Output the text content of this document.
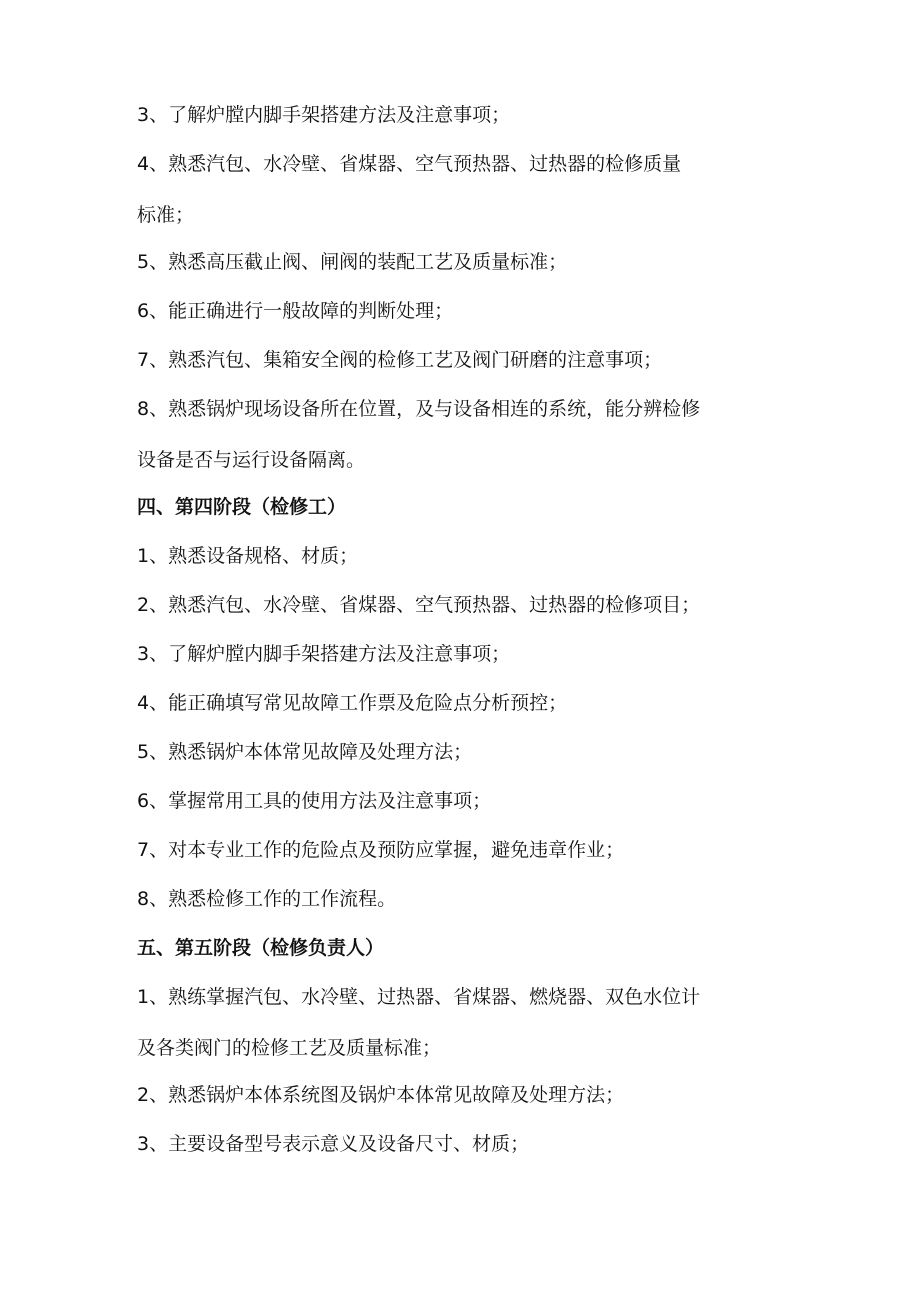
3、了解炉膛内脚手架搭建方法及注意事项；
4、熟悉汽包、水冷壁、省煤器、空气预热器、过热器的检修质量
标准；
5、熟悉高压截止阀、闸阀的装配工艺及质量标准；
6、能正确进行一般故障的判断处理；
7、熟悉汽包、集箱安全阀的检修工艺及阀门研磨的注意事项；
8、熟悉锅炉现场设备所在位置，及与设备相连的系统，能分辨检修
设备是否与运行设备隔离。
四、第四阶段（检修工）
1、熟悉设备规格、材质；
2、熟悉汽包、水冷壁、省煤器、空气预热器、过热器的检修项目；
3、了解炉膛内脚手架搭建方法及注意事项；
4、能正确填写常见故障工作票及危险点分析预控；
5、熟悉锅炉本体常见故障及处理方法；
6、掌握常用工具的使用方法及注意事项；
7、对本专业工作的危险点及预防应掌握，避免违章作业；
8、熟悉检修工作的工作流程。
五、第五阶段（检修负责人）
1、熟练掌握汽包、水冷壁、过热器、省煤器、燃烧器、双色水位计
及各类阀门的检修工艺及质量标准；
2、熟悉锅炉本体系统图及锅炉本体常见故障及处理方法；
3、主要设备型号表示意义及设备尺寸、材质；
